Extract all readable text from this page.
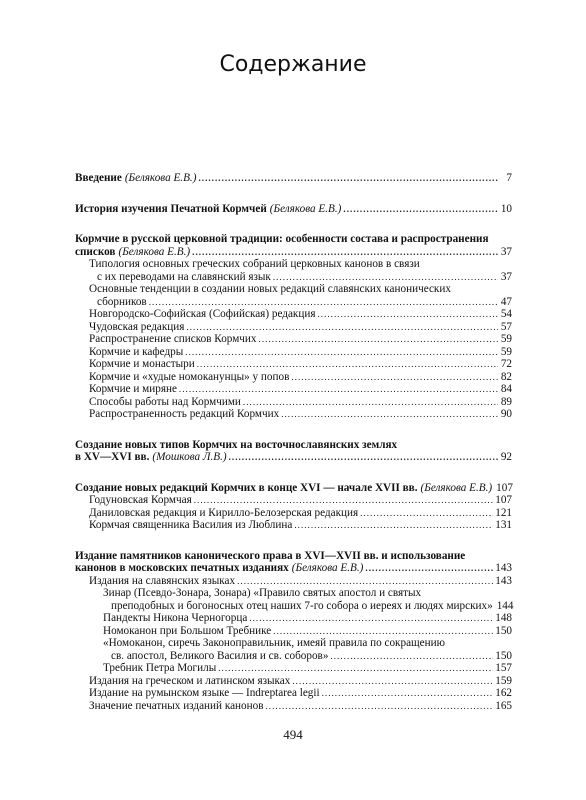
Содержание
Введение (Белякова Е.В.) . . .	7
История изучения Печатной Кормчей (Белякова Е.В.) . . .	10
Кормчие в русской церковной традиции: особенности состава и распространения
списков (Белякова Е.В.) . . .	37
Типология основных греческих собраний церковных канонов в связи
с их переводами на славянский язык . . .	37
Основные тенденции в создании новых редакций славянских канонических
сборников . . .	47
Новгородско-Софийская (Софийская) редакция . . .	54
Чудовская редакция . . .	57
Распространение списков Кормчих . . .	59
Кормчие и кафедры . . .	59
Кормчие и монастыри . . .	72
Кормчие и «худые номоканунцы» у попов . . .	82
Кормчие и миряне . . .	84
Способы работы над Кормчими . . .	89
Распространенность редакций Кормчих . . .	90
Создание новых типов Кормчих на восточнославянских землях
в XV—XVI вв. (Мошкова Л.В.) . . .	92
Создание новых редакций Кормчих в конце XVI — начале XVII вв. (Белякова Е.В.) 107
Годуновская Кормчая . . .	107
Даниловская редакция и Кирилло-Белозерская редакция . . .	121
Кормчая священника Василия из Люблина . . .	131
Издание памятников канонического права в XVI—XVII вв. и использование
канонов в московских печатных изданиях (Белякова Е.В.) . . .	143
Издания на славянских языках . . .	143
Зинар (Псевдо-Зонара, Зонара) «Правило святых апостол и святых
преподобных и богоносных отец наших 7-го собора о иереях и людях мирских» 144
Пандекты Никона Черногорца . . .	148
Номоканон при Большом Требнике . . .	150
«Номоканон, сиречь Законоправильник, имеяй правила по сокращению
св. апостол, Великого Василия и св. соборов» . . .	150
Требник Петра Могилы . . .	157
Издания на греческом и латинском языках . . .	159
Издание на румынском языке — Indreptarea legii . . .	162
Значение печатных изданий канонов . . .	165
494
